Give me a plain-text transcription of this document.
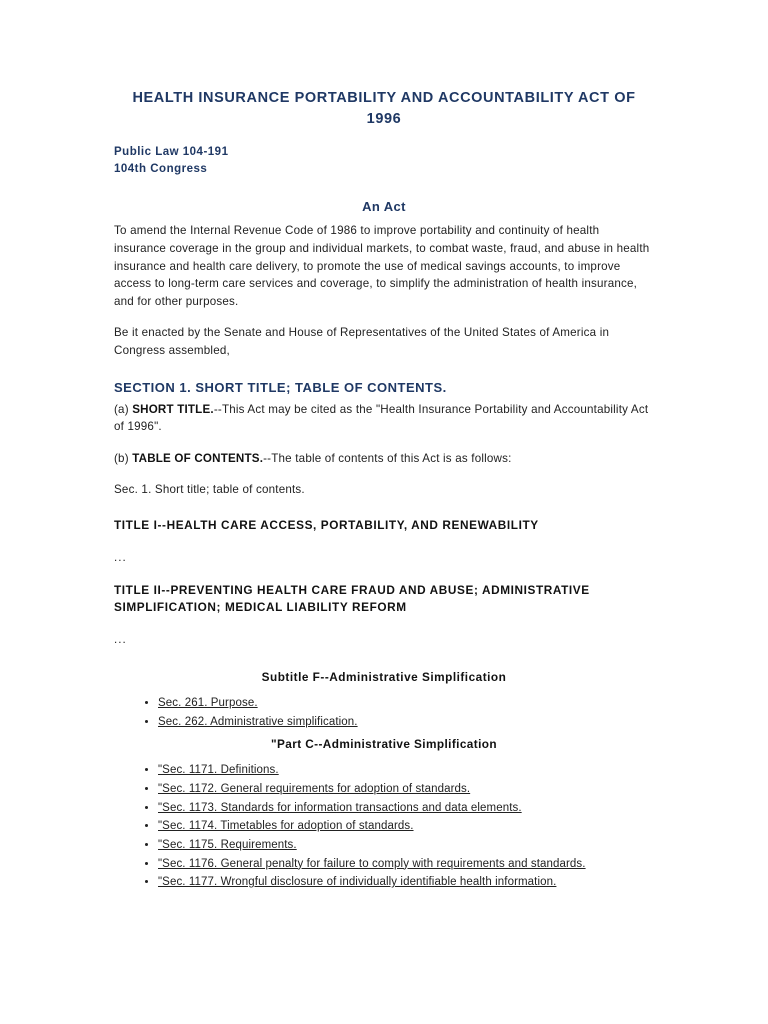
HEALTH INSURANCE PORTABILITY AND ACCOUNTABILITY ACT OF 1996
Public Law 104-191
104th Congress
An Act

To amend the Internal Revenue Code of 1986 to improve portability and continuity of health insurance coverage in the group and individual markets, to combat waste, fraud, and abuse in health insurance and health care delivery, to promote the use of medical savings accounts, to improve access to long-term care services and coverage, to simplify the administration of health insurance, and for other purposes.

Be it enacted by the Senate and House of Representatives of the United States of America in Congress assembled,

SECTION 1. SHORT TITLE; TABLE OF CONTENTS.

(a) SHORT TITLE.--This Act may be cited as the "Health Insurance Portability and Accountability Act of 1996".

(b) TABLE OF CONTENTS.--The table of contents of this Act is as follows:

Sec. 1. Short title; table of contents.

TITLE I--HEALTH CARE ACCESS, PORTABILITY, AND RENEWABILITY

...

TITLE II--PREVENTING HEALTH CARE FRAUD AND ABUSE; ADMINISTRATIVE SIMPLIFICATION; MEDICAL LIABILITY REFORM

...

Subtitle F--Administrative Simplification

• Sec. 261. Purpose.
• Sec. 262. Administrative simplification.

"Part C--Administrative Simplification

• "Sec. 1171. Definitions.
• "Sec. 1172. General requirements for adoption of standards.
• "Sec. 1173. Standards for information transactions and data elements.
• "Sec. 1174. Timetables for adoption of standards.
• "Sec. 1175. Requirements.
• "Sec. 1176. General penalty for failure to comply with requirements and standards.
• "Sec. 1177. Wrongful disclosure of individually identifiable health information.
